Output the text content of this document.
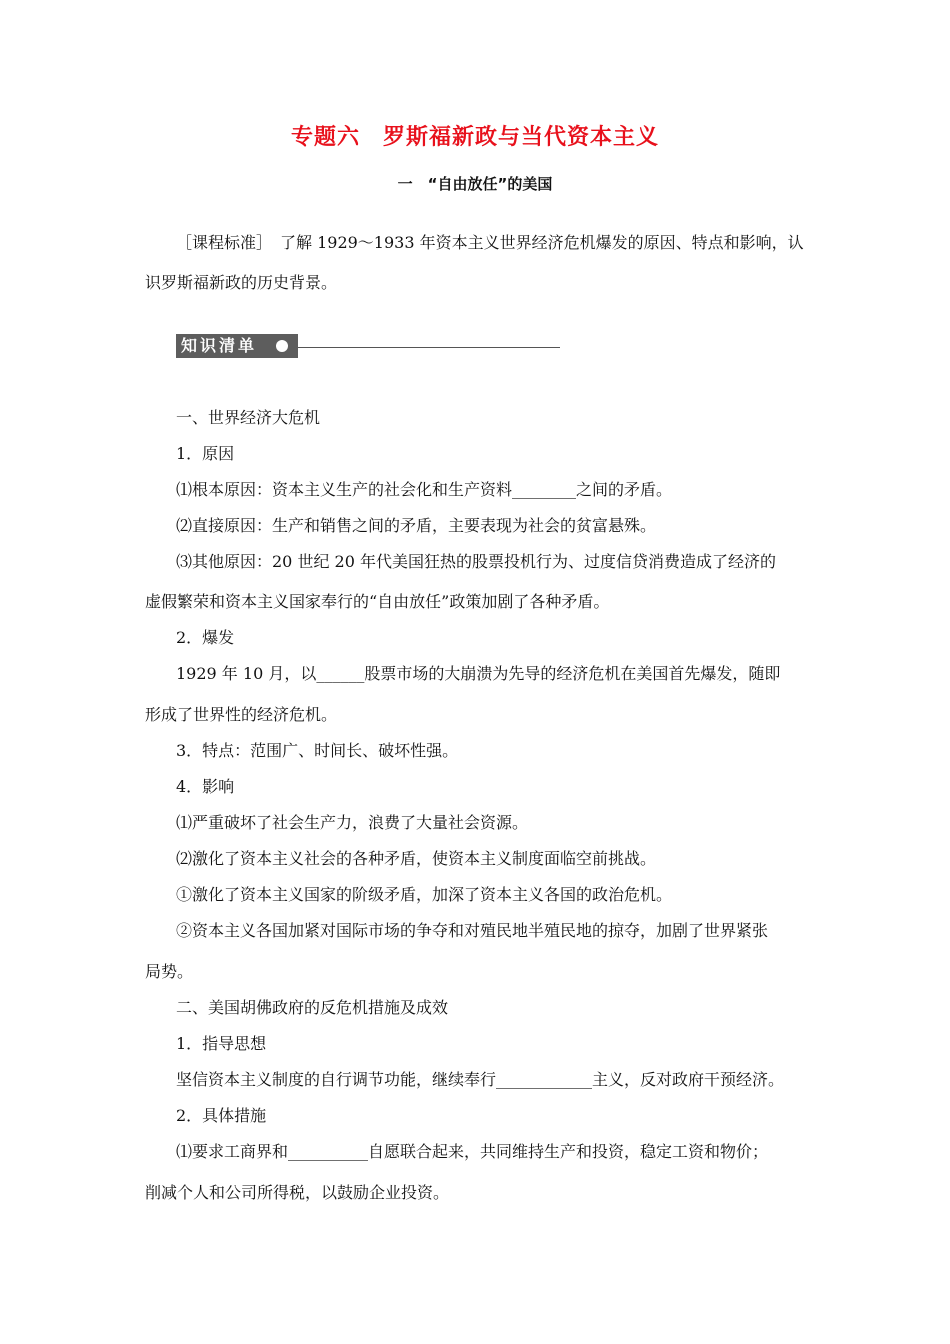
专题六　罗斯福新政与当代资本主义
一　“自由放任”的美国
［课程标准］　了解 1929～1933 年资本主义世界经济危机爆发的原因、特点和影响，认
识罗斯福新政的历史背景。
知识清单
一、世界经济大危机
1．原因
⑴根本原因：资本主义生产的社会化和生产资料________之间的矛盾。
⑵直接原因：生产和销售之间的矛盾，主要表现为社会的贫富悬殊。
⑶其他原因：20 世纪 20 年代美国狂热的股票投机行为、过度信贷消费造成了经济的
虚假繁荣和资本主义国家奉行的“自由放任”政策加剧了各种矛盾。
2．爆发
1929 年 10 月，以______股票市场的大崩溃为先导的经济危机在美国首先爆发，随即
形成了世界性的经济危机。
3．特点：范围广、时间长、破坏性强。
4．影响
⑴严重破坏了社会生产力，浪费了大量社会资源。
⑵激化了资本主义社会的各种矛盾，使资本主义制度面临空前挑战。
①激化了资本主义国家的阶级矛盾，加深了资本主义各国的政治危机。
②资本主义各国加紧对国际市场的争夺和对殖民地半殖民地的掠夺，加剧了世界紧张
局势。
二、美国胡佛政府的反危机措施及成效
1．指导思想
坚信资本主义制度的自行调节功能，继续奉行____________主义，反对政府干预经济。
2．具体措施
⑴要求工商界和__________自愿联合起来，共同维持生产和投资，稳定工资和物价；
削减个人和公司所得税，以鼓励企业投资。
